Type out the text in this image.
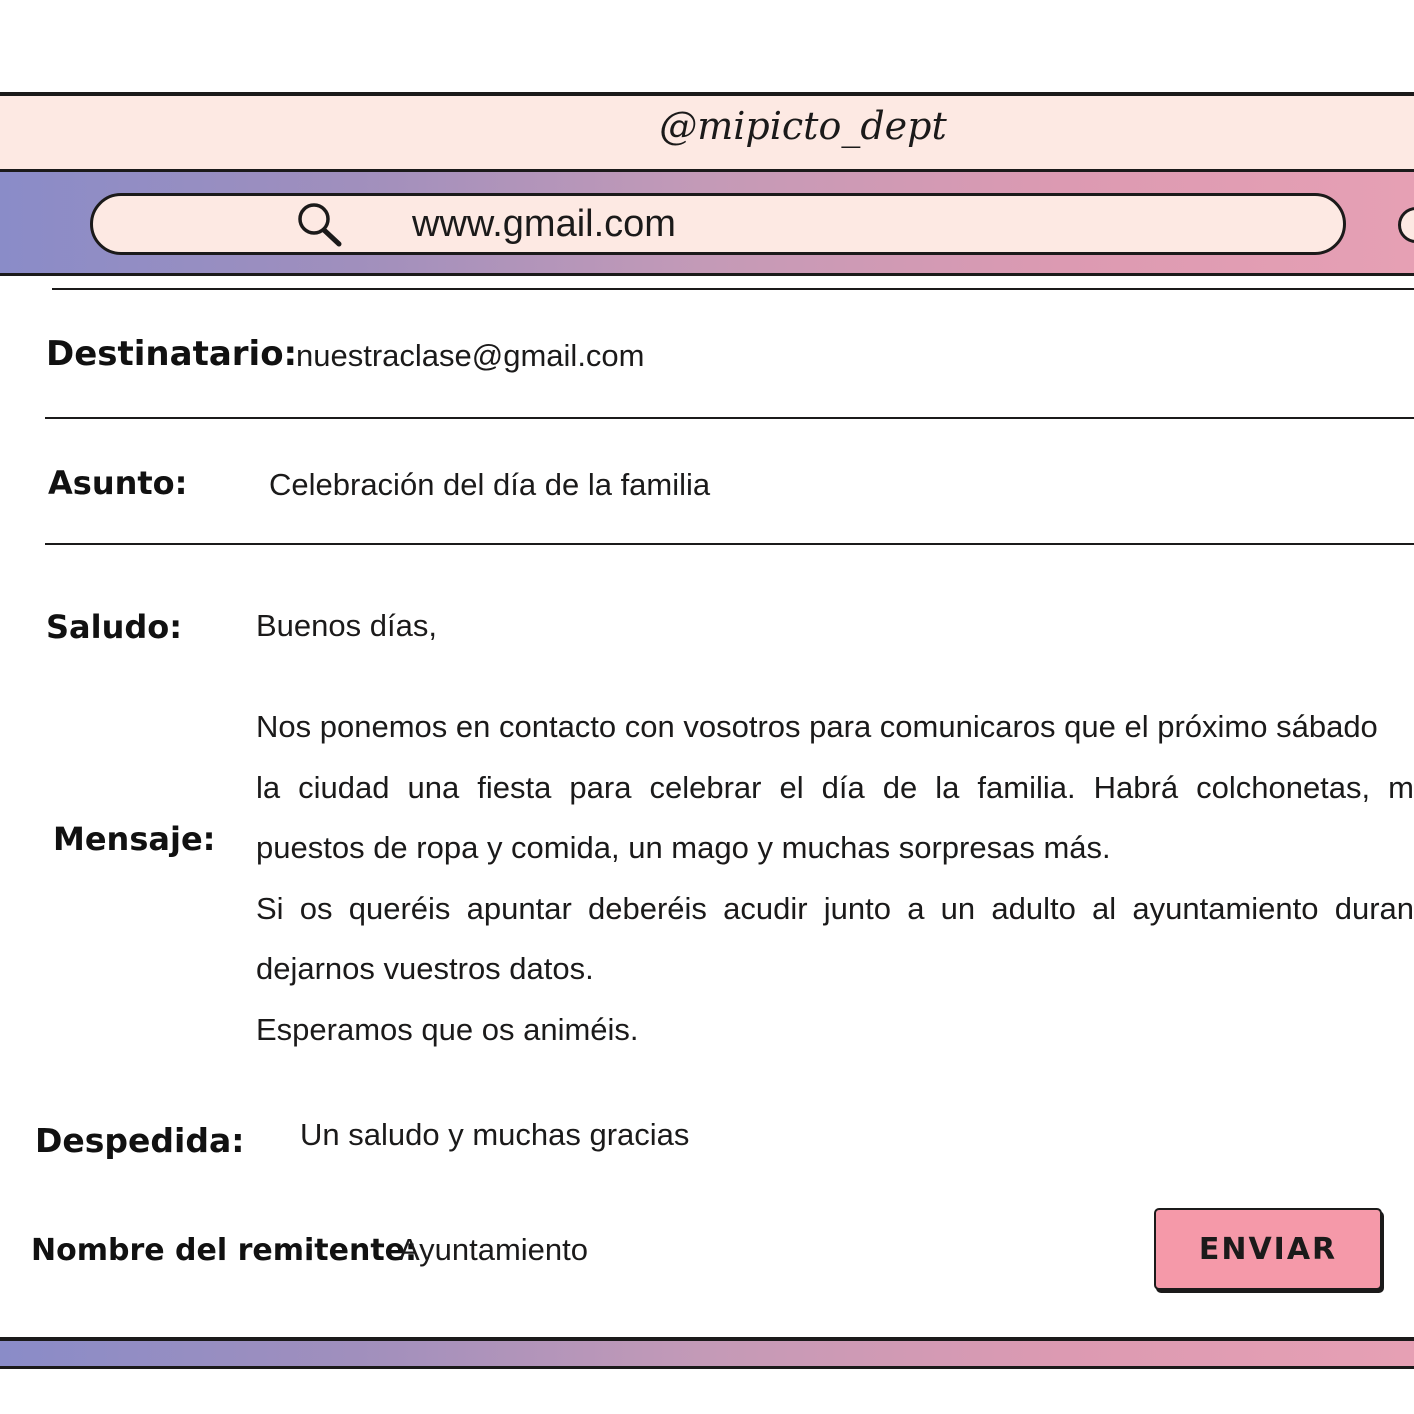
@mipicto_dept
www.gmail.com
Destinatario:
nuestraclase@gmail.com
Asunto:	Celebración del día de la familia
Saludo: Buenos días,
Mensaje:
Nos ponemos en contacto con vosotros para comunicaros que el próximo sábado
la ciudad una fiesta para celebrar el día de la familia. Habrá colchonetas, m
puestos de ropa y comida, un mago y muchas sorpresas más.
Si os queréis apuntar deberéis acudir junto a un adulto al ayuntamiento duran
dejarnos vuestros datos.
Esperamos que os animéis.
Despedida: Un saludo y muchas gracias
Nombre del remitente:
Ayuntamiento	ENVIAR
